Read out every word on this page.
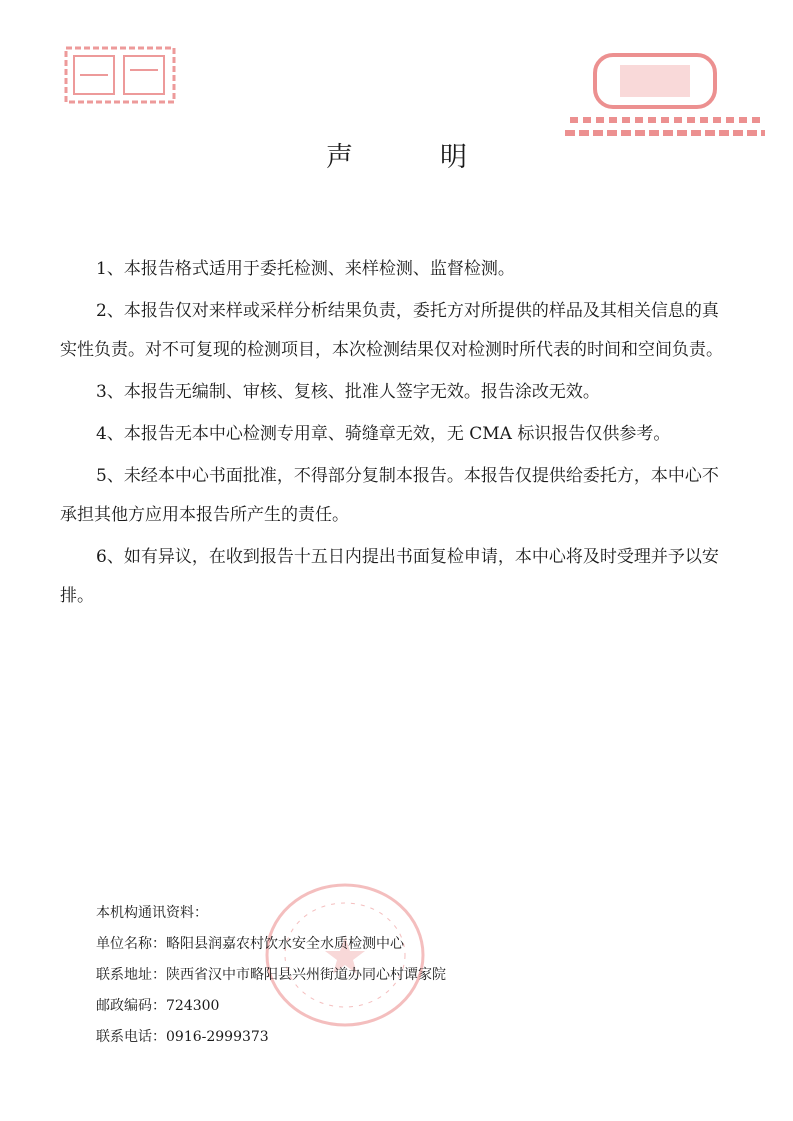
声　明

1、本报告格式适用于委托检测、来样检测、监督检测。

2、本报告仅对来样或采样分析结果负责，委托方对所提供的样品及其相关信息的真实性负责。对不可复现的检测项目，本次检测结果仅对检测时所代表的时间和空间负责。

3、本报告无编制、审核、复核、批准人签字无效。报告涂改无效。

4、本报告无本中心检测专用章、骑缝章无效，无 CMA 标识报告仅供参考。

5、未经本中心书面批准，不得部分复制本报告。本报告仅提供给委托方，本中心不承担其他方应用本报告所产生的责任。

6、如有异议，在收到报告十五日内提出书面复检申请，本中心将及时受理并予以安排。

本机构通讯资料：
单位名称：略阳县润嘉农村饮水安全水质检测中心
联系地址：陕西省汉中市略阳县兴州街道办同心村谭家院
邮政编码：724300
联系电话：0916-2999373
